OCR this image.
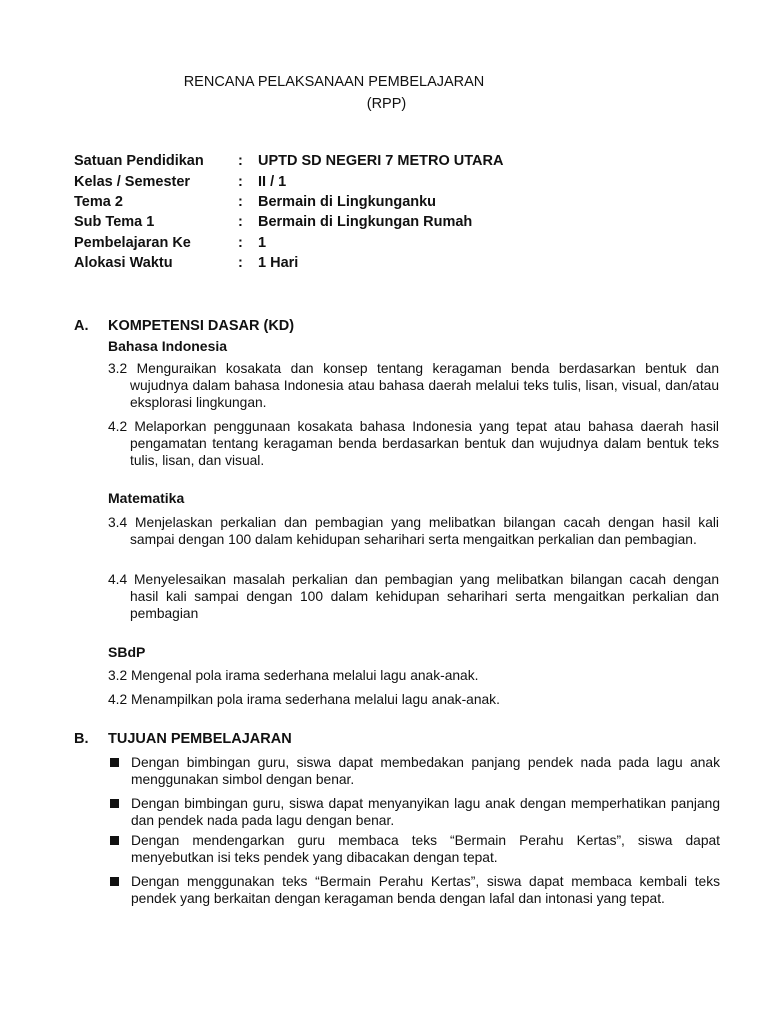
RENCANA PELAKSANAAN PEMBELAJARAN
(RPP)
Satuan Pendidikan	:	UPTD SD NEGERI 7 METRO UTARA
Kelas / Semester	:	II / 1
Tema 2	:	Bermain di Lingkunganku
Sub Tema 1	:	Bermain di Lingkungan Rumah
Pembelajaran Ke	:	1
Alokasi Waktu	:	1 Hari
A. KOMPETENSI DASAR (KD)
Bahasa Indonesia
3.2 Menguraikan kosakata dan konsep tentang keragaman benda berdasarkan bentuk dan wujudnya dalam bahasa Indonesia atau bahasa daerah melalui teks tulis, lisan, visual, dan/atau eksplorasi lingkungan.
4.2 Melaporkan penggunaan kosakata bahasa Indonesia yang tepat atau bahasa daerah hasil pengamatan tentang keragaman benda berdasarkan bentuk dan wujudnya dalam bentuk teks tulis, lisan, dan visual.
Matematika
3.4 Menjelaskan perkalian dan pembagian yang melibatkan bilangan cacah dengan hasil kali sampai dengan 100 dalam kehidupan seharihari serta mengaitkan perkalian dan pembagian.
4.4 Menyelesaikan masalah perkalian dan pembagian yang melibatkan bilangan cacah dengan hasil kali sampai dengan 100 dalam kehidupan seharihari serta mengaitkan perkalian dan pembagian
SBdP
3.2 Mengenal pola irama sederhana melalui lagu anak-anak.
4.2 Menampilkan pola irama sederhana melalui lagu anak-anak.
B. TUJUAN PEMBELAJARAN
Dengan bimbingan guru, siswa dapat membedakan panjang pendek nada pada lagu anak menggunakan simbol dengan benar.
Dengan bimbingan guru, siswa dapat menyanyikan lagu anak dengan memperhatikan panjang dan pendek nada pada lagu dengan benar.
Dengan mendengarkan guru membaca teks “Bermain Perahu Kertas”, siswa dapat menyebutkan isi teks pendek yang dibacakan dengan tepat.
Dengan menggunakan teks “Bermain Perahu Kertas”, siswa dapat membaca kembali teks pendek yang berkaitan dengan keragaman benda dengan lafal dan intonasi yang tepat.
